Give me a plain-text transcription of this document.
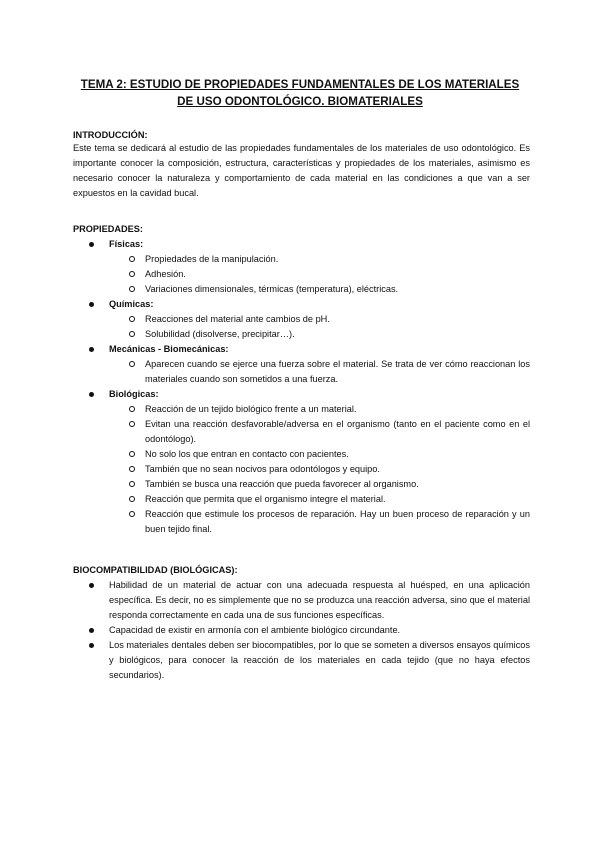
TEMA 2: ESTUDIO DE PROPIEDADES FUNDAMENTALES DE LOS MATERIALES
DE USO ODONTOLÓGICO. BIOMATERIALES

INTRODUCCIÓN:

Este tema se dedicará al estudio de las propiedades fundamentales de los materiales de uso odontológico. Es importante conocer la composición, estructura, características y propiedades de los materiales, asimismo es necesario conocer la naturaleza y comportamiento de cada material en las condiciones a que van a ser expuestos en la cavidad bucal.

PROPIEDADES:

Físicas:
Propiedades de la manipulación.
Adhesión.
Variaciones dimensionales, térmicas (temperatura), eléctricas.
Químicas:
Reacciones del material ante cambios de pH.
Solubilidad (disolverse, precipitar…).
Mecánicas - Biomecánicas:
Aparecen cuando se ejerce una fuerza sobre el material. Se trata de ver cómo reaccionan los materiales cuando son sometidos a una fuerza.
Biológicas:
Reacción de un tejido biológico frente a un material.
Evitan una reacción desfavorable/adversa en el organismo (tanto en el paciente como en el odontólogo).
No solo los que entran en contacto con pacientes.
También que no sean nocivos para odontólogos y equipo.
También se busca una reacción que pueda favorecer al organismo.
Reacción que permita que el organismo integre el material.
Reacción que estimule los procesos de reparación. Hay un buen proceso de reparación y un buen tejido final.

BIOCOMPATIBILIDAD (BIOLÓGICAS):

Habilidad de un material de actuar con una adecuada respuesta al huésped, en una aplicación específica. Es decir, no es simplemente que no se produzca una reacción adversa, sino que el material responda correctamente en cada una de sus funciones específicas.
Capacidad de existir en armonía con el ambiente biológico circundante.
Los materiales dentales deben ser biocompatibles, por lo que se someten a diversos ensayos químicos y biológicos, para conocer la reacción de los materiales en cada tejido (que no haya efectos secundarios).
